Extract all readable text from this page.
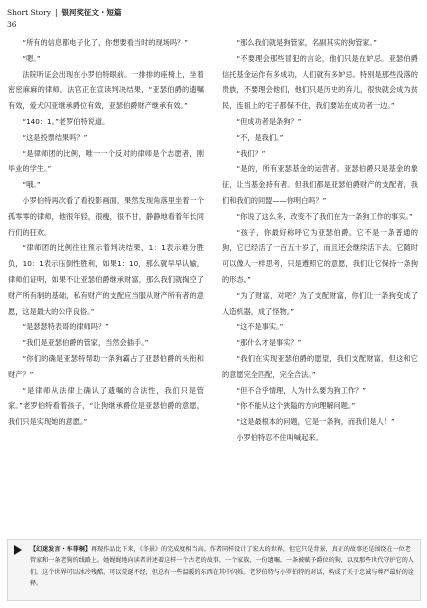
Short Story | 银河奖征文・短篇
36

“所有的信息都电子化了，你想要看当时的现场吗？”

“嗯。”

法院听证会出现在小罗伯特眼前。一排排的座椅上，坐着密密麻麻的律师。法官正在宣读判决结果，“亚瑟伯爵的遗嘱有效，爱犬闪亚继承爵位有效，亚瑟伯爵财产继承有效。”

“140：1。”老罗伯特说道。

“这是投票结果吗？”

“是律师团的比例，唯一一个反对的律师是个志愿者，刚毕业的学生。”

“哦。”

小罗伯特再次看了看投影画面，果然发现角落里坐着一个孤零零的律师，他很年轻，很瘦，很不甘，静静地看着年长同行们的狂欢。

“律师团的比例往往预示着判决结果，1：1表示难分胜负，10：1表示压倒性胜利，如果1：10，那么就早早认输，律师们证明，如果不让亚瑟伯爵继承财富，那么我们就掏空了财产所有制的基础，私有财产的支配应当服从财产所有者的意愿，这是最大的公序良俗。”

“是瑟瑟特表哥的律师吗？”

“我们是亚瑟伯爵的管家，当然会插手。”

“你们的确是亚瑟特帮助一条狗霸占了亚瑟伯爵的头衔和财产？”

“是律师从法律上确认了遗嘱的合法性，我们只是管家。”老罗伯特看着孩子，“让狗继承爵位是亚瑟伯爵的意愿，我们只是实现她的意愿。”

“那么我们就是狗管家，名副其实的狗管家。”

“不要理会那些冒犯的言论，他们只是在妒忌。亚瑟伯爵信托基金运作有多成功，人们就有多妒忌。特别是那些没落的贵族，不要理会他们，他们只是历史的弃儿，很快就会成为贫民，连祖上的宅子都保不住，我们要站在成功者一边。”

“但成功者是条狗？”

“不，是我们。”

“我们？”

“是的，所有亚瑟基金的运营者。亚瑟伯爵只是基金的象征，让当基金持有者。但我们都是亚瑟伯爵财产的支配者，我们和我们的同盟——你明白吗？”

“你说了这么多，改变不了我们在为一条狗工作的事实。”

“孩子，你最好称呼它为亚瑟伯爵。它不是一条普通的狗，它已经活了一百五十岁了，而且还会继续活下去。它随时可以像人一样思考，只是遵照它的意愿，我们让它保持一条狗的形态。”

“为了财富，对吧？为了支配财富，你们让一条狗变成了人造机器，成了怪物。”

“这不是事实。”

“那什么才是事实？”

“我们在实现亚瑟伯爵的愿望，我们支配财富，但这和它的意愿完全匹配，完全合法。”

“但不合乎情理，人为什么要为狗工作？”

“你不能从这个狭隘的方向理解问题。”

“这是最根本的问题，它是一条狗，而我们是人！”

小罗伯特忍不住叫喊起来。

【幻迷发言・车菲桐】再现作品比下来，《冬景》的完成度相当高。作者同样设计了宏大的世界，但它只是背景，真正的故事还是围绕在一位老管家和一条老狗的线路上。她娓娓地向读者讲述着这样一个古老的故事，一个家族、一份遗嘱、一条被赋予爵位的狗，以及那些世代守护它的人们。这个世界可以冰冷残酷，可以荒诞不经，但总有一些温暖的东西在其中闪烁。老罗伯特与小罗伯特的对话，构成了关于忠诚与尊严最好的诠释。
